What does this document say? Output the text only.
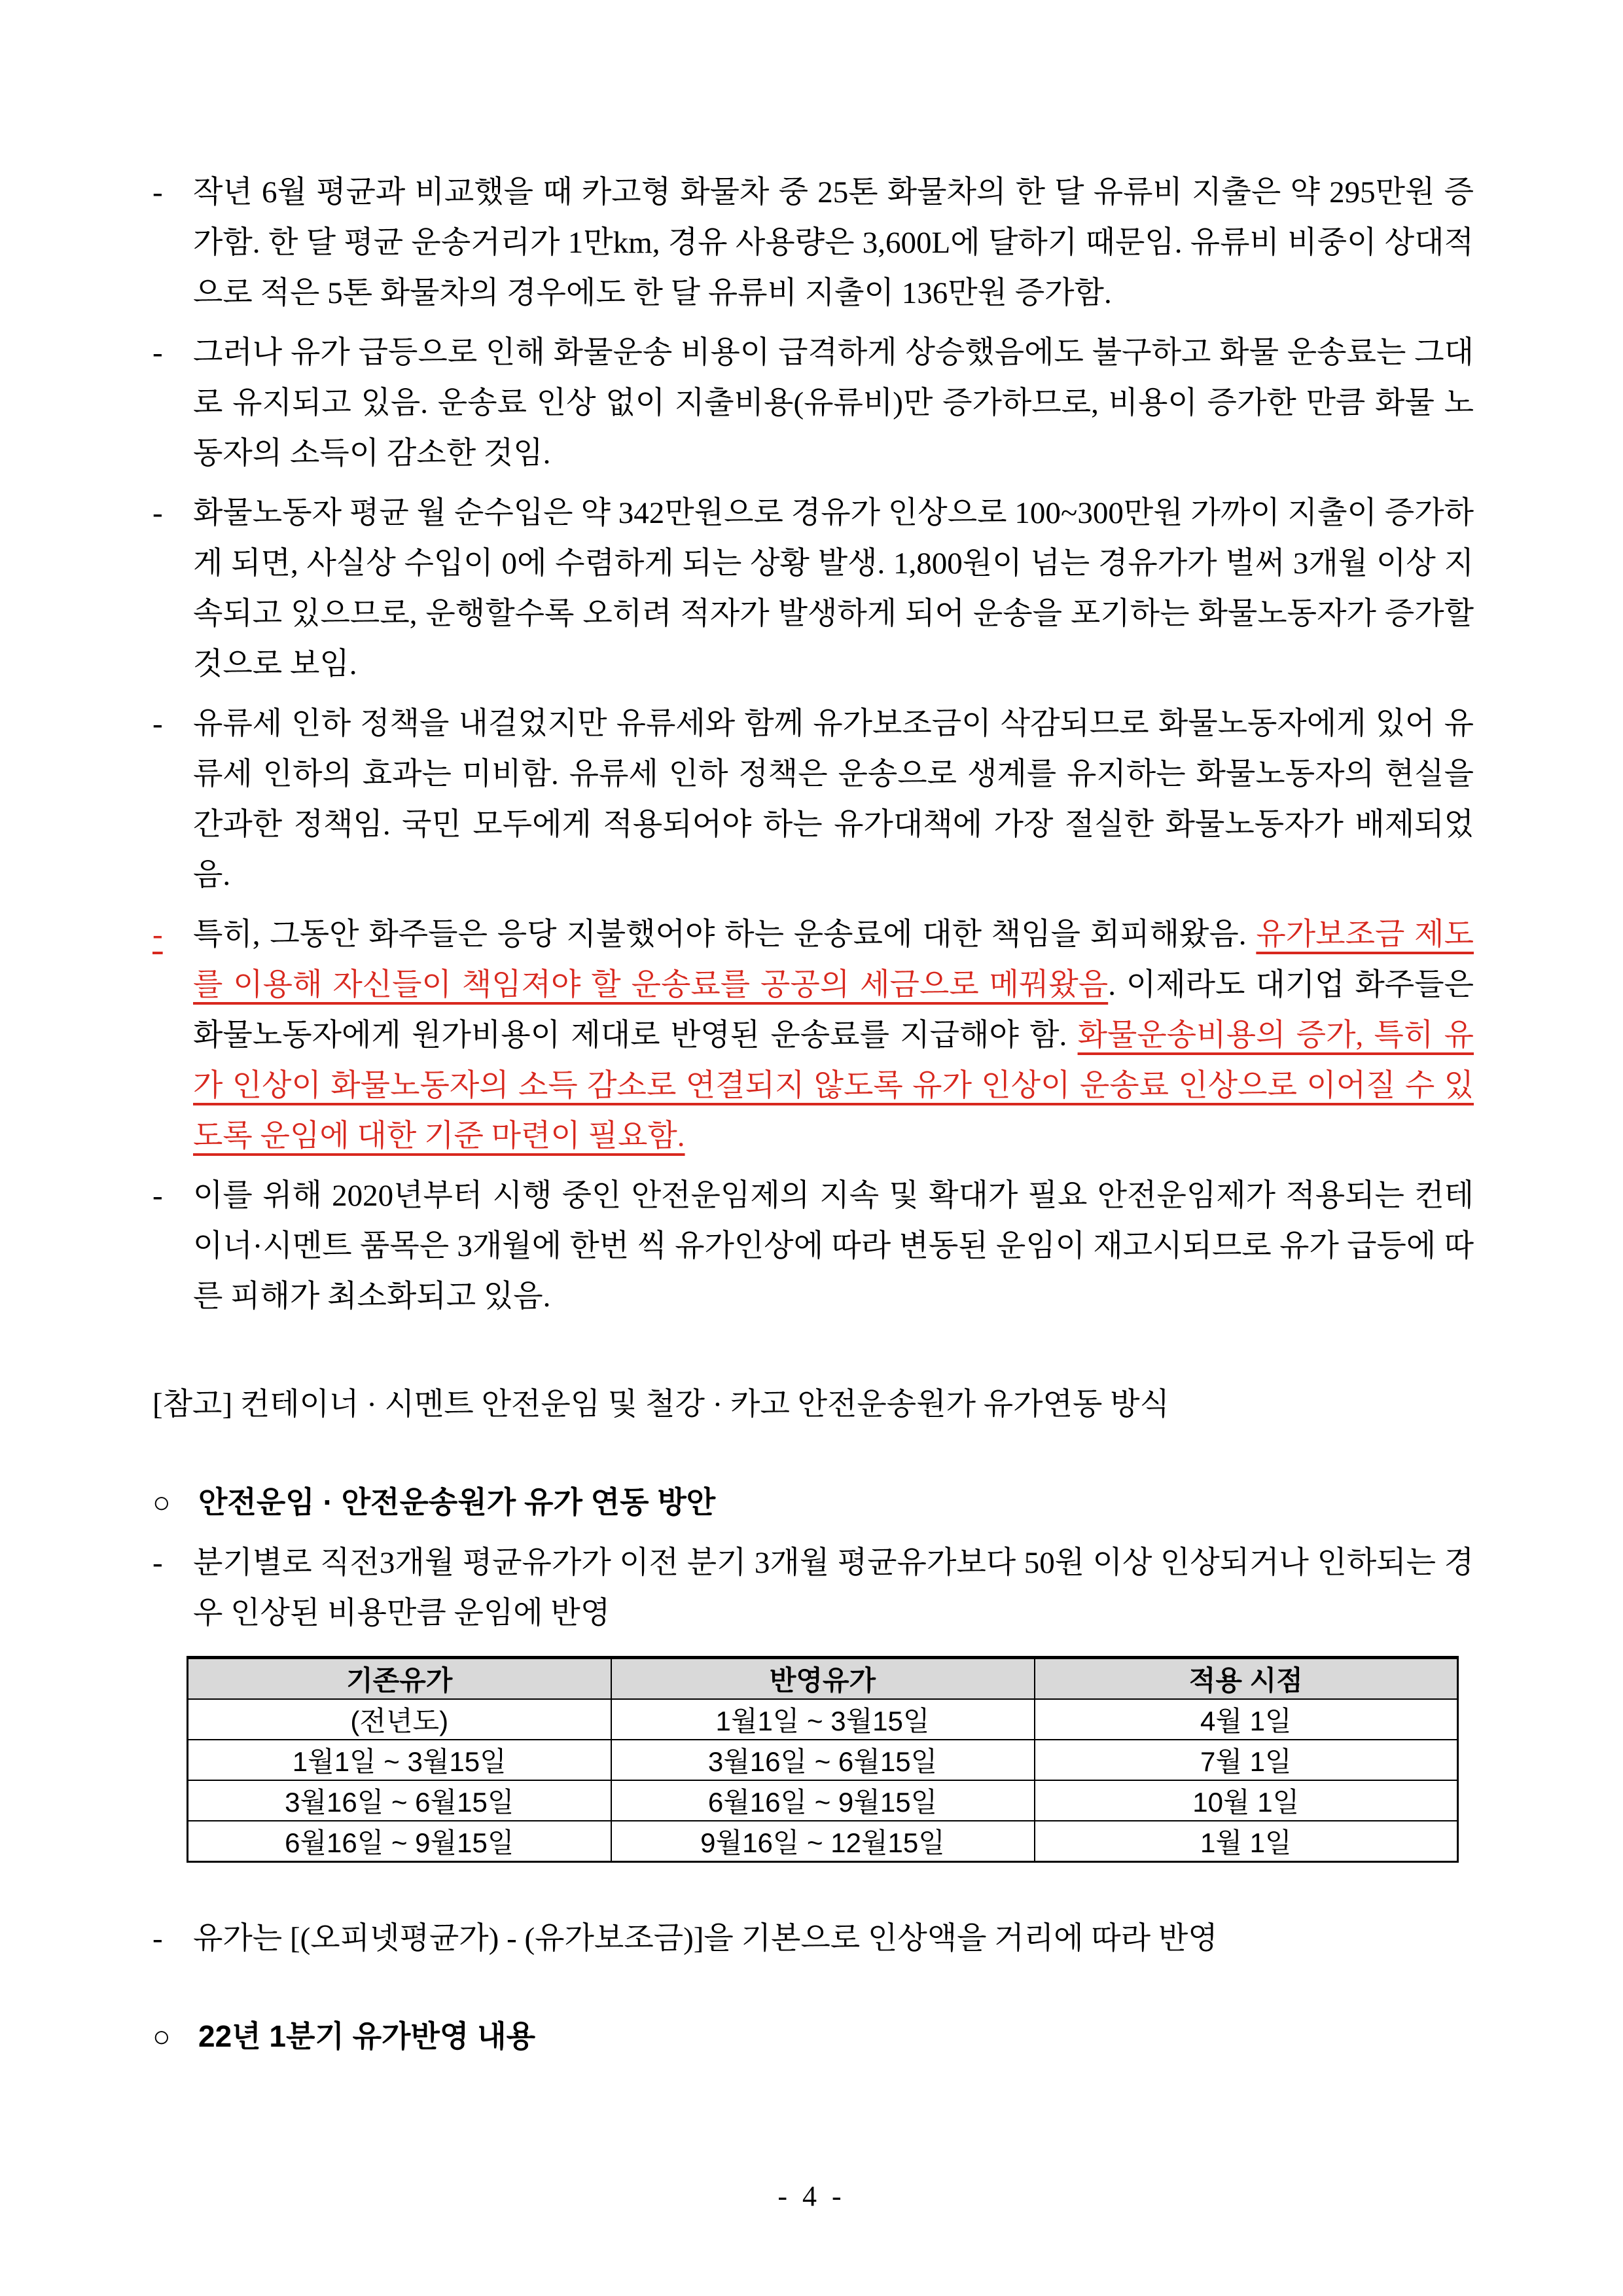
- 작년 6월 평균과 비교했을 때 카고형 화물차 중 25톤 화물차의 한 달 유류비 지출은 약 295만원 증가함. 한 달 평균 운송거리가 1만km, 경유 사용량은 3,600L에 달하기 때문임. 유류비 비중이 상대적으로 적은 5톤 화물차의 경우에도 한 달 유류비 지출이 136만원 증가함.

- 그러나 유가 급등으로 인해 화물운송 비용이 급격하게 상승했음에도 불구하고 화물 운송료는 그대로 유지되고 있음. 운송료 인상 없이 지출비용(유류비)만 증가하므로, 비용이 증가한 만큼 화물 노동자의 소득이 감소한 것임.

- 화물노동자 평균 월 순수입은 약 342만원으로 경유가 인상으로 100~300만원 가까이 지출이 증가하게 되면, 사실상 수입이 0에 수렴하게 되는 상황 발생. 1,800원이 넘는 경유가가 벌써 3개월 이상 지속되고 있으므로, 운행할수록 오히려 적자가 발생하게 되어 운송을 포기하는 화물노동자가 증가할 것으로 보임.

- 유류세 인하 정책을 내걸었지만 유류세와 함께 유가보조금이 삭감되므로 화물노동자에게 있어 유류세 인하의 효과는 미비함. 유류세 인하 정책은 운송으로 생계를 유지하는 화물노동자의 현실을 간과한 정책임. 국민 모두에게 적용되어야 하는 유가대책에 가장 절실한 화물노동자가 배제되었음.

- 특히, 그동안 화주들은 응당 지불했어야 하는 운송료에 대한 책임을 회피해왔음. 유가보조금 제도를 이용해 자신들이 책임져야 할 운송료를 공공의 세금으로 메꿔왔음. 이제라도 대기업 화주들은 화물노동자에게 원가비용이 제대로 반영된 운송료를 지급해야 함. 화물운송비용의 증가, 특히 유가 인상이 화물노동자의 소득 감소로 연결되지 않도록 유가 인상이 운송료 인상으로 이어질 수 있도록 운임에 대한 기준 마련이 필요함.

- 이를 위해 2020년부터 시행 중인 안전운임제의 지속 및 확대가 필요 안전운임제가 적용되는 컨테이너·시멘트 품목은 3개월에 한번 씩 유가인상에 따라 변동된 운임이 재고시되므로 유가 급등에 따른 피해가 최소화되고 있음.

[참고] 컨테이너 · 시멘트 안전운임 및 철강 · 카고 안전운송원가 유가연동 방식

○ 안전운임 · 안전운송원가 유가 연동 방안

- 분기별로 직전3개월 평균유가가 이전 분기 3개월 평균유가보다 50원 이상 인상되거나 인하되는 경우 인상된 비용만큼 운임에 반영

기존유가	반영유가	적용 시점
(전년도)	1월1일 ~ 3월15일	4월 1일
1월1일 ~ 3월15일	3월16일 ~ 6월15일	7월 1일
3월16일 ~ 6월15일	6월16일 ~ 9월15일	10월 1일
6월16일 ~ 9월15일	9월16일 ~ 12월15일	1월 1일

- 유가는 [(오피넷평균가) - (유가보조금)]을 기본으로 인상액을 거리에 따라 반영

○ 22년 1분기 유가반영 내용

- 4 -
